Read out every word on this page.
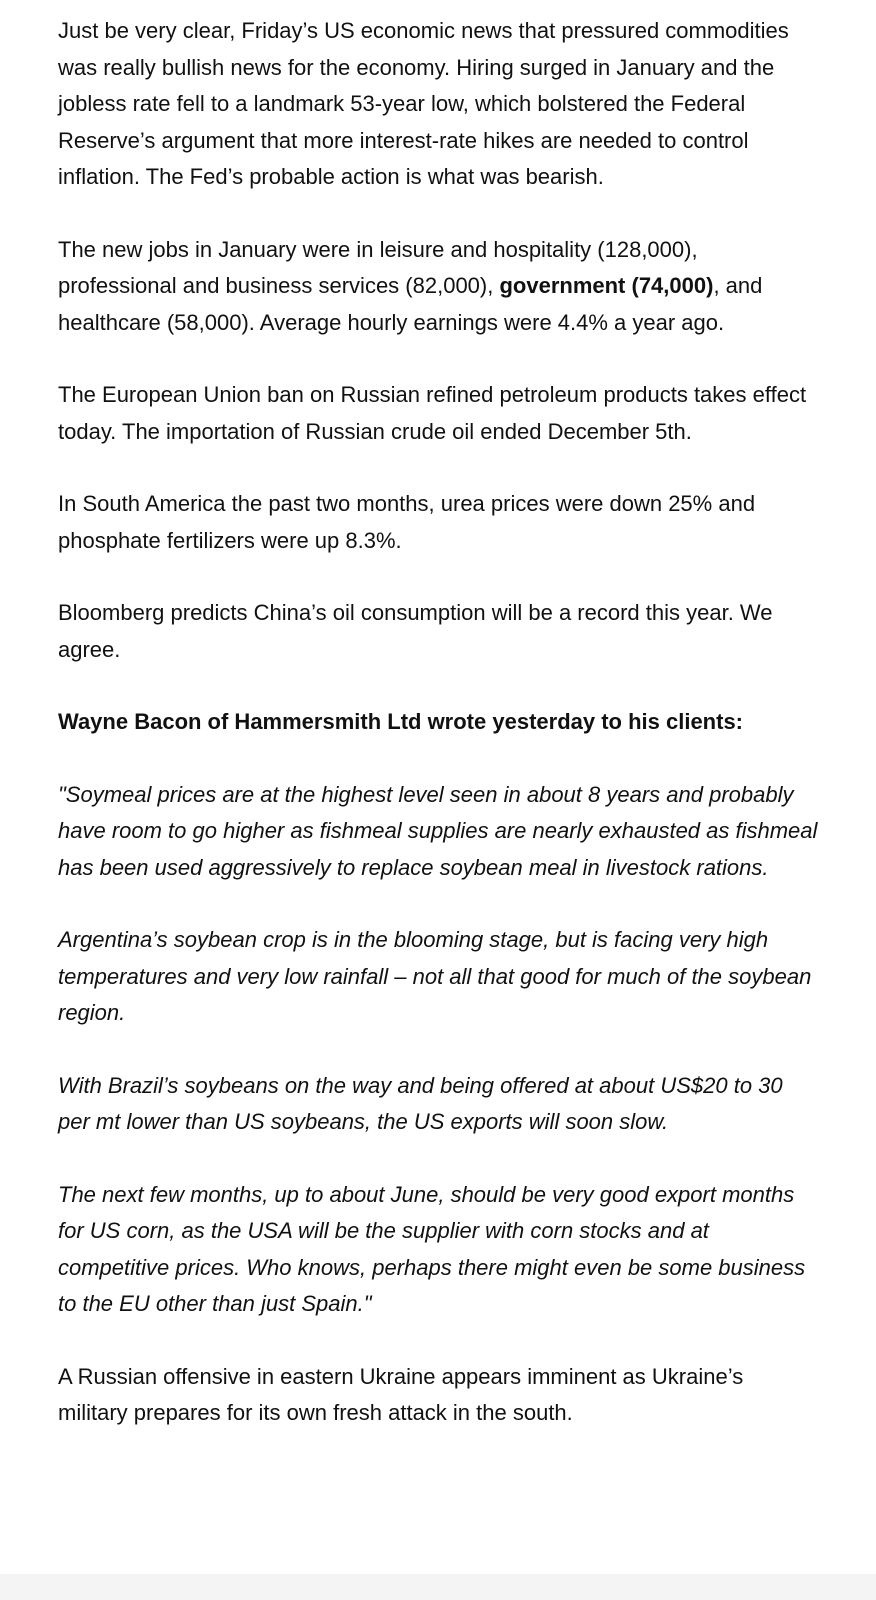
Just be very clear, Friday’s US economic news that pressured commodities was really bullish news for the economy. Hiring surged in January and the jobless rate fell to a landmark 53-year low, which bolstered the Federal Reserve’s argument that more interest-rate hikes are needed to control inflation. The Fed’s probable action is what was bearish.

The new jobs in January were in leisure and hospitality (128,000), professional and business services (82,000), government (74,000), and healthcare (58,000). Average hourly earnings were 4.4% a year ago.

The European Union ban on Russian refined petroleum products takes effect today. The importation of Russian crude oil ended December 5th.

In South America the past two months, urea prices were down 25% and phosphate fertilizers were up 8.3%.

Bloomberg predicts China’s oil consumption will be a record this year. We agree.

Wayne Bacon of Hammersmith Ltd wrote yesterday to his clients:

"Soymeal prices are at the highest level seen in about 8 years and probably have room to go higher as fishmeal supplies are nearly exhausted as fishmeal has been used aggressively to replace soybean meal in livestock rations.

Argentina’s soybean crop is in the blooming stage, but is facing very high temperatures and very low rainfall – not all that good for much of the soybean region.

With Brazil’s soybeans on the way and being offered at about US$20 to 30 per mt lower than US soybeans, the US exports will soon slow.

The next few months, up to about June, should be very good export months for US corn, as the USA will be the supplier with corn stocks and at competitive prices. Who knows, perhaps there might even be some business to the EU other than just Spain."

A Russian offensive in eastern Ukraine appears imminent as Ukraine’s military prepares for its own fresh attack in the south.
